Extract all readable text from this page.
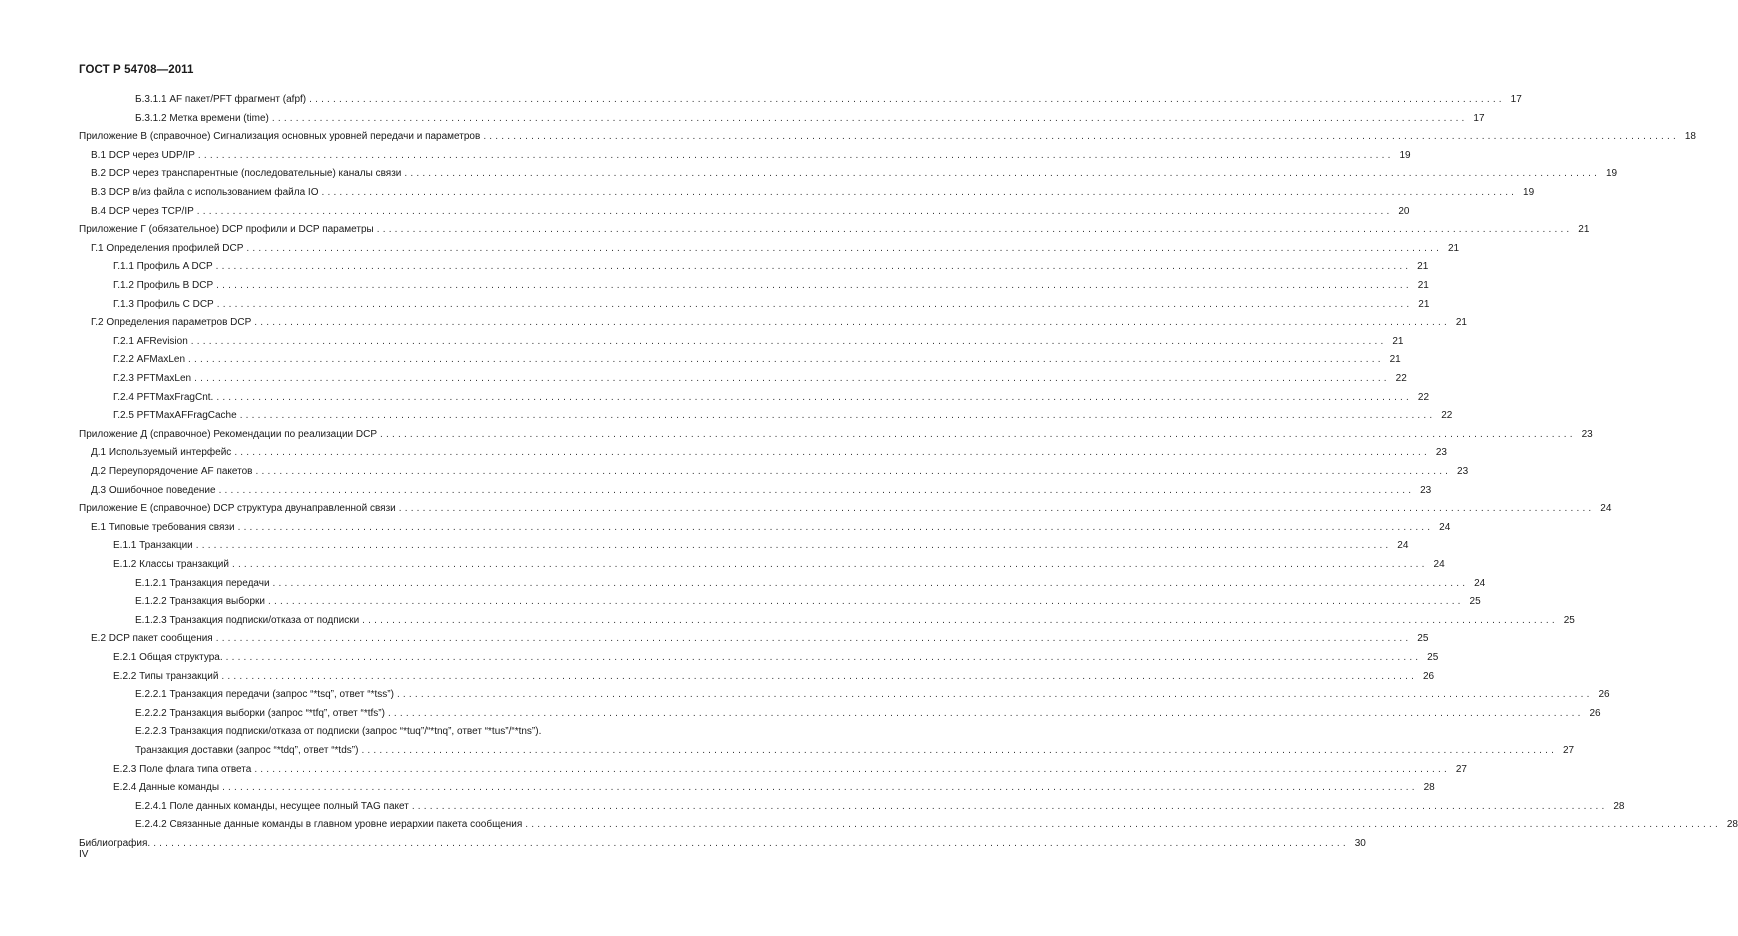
ГОСТ Р 54708—2011
Б.3.1.1 AF пакет/PFT фрагмент (afpf) ........................................................................................................................................................................................................ 17
Б.3.1.2 Метка времени (time) ........................................................................................................................................................................................................ 17
Приложение В (справочное) Сигнализация основных уровней передачи и параметров ........................................................................................................................................................................................................ 18
В.1 DCP через UDP/IP ........................................................................................................................................................................................................ 19
В.2 DCP через транспарентные (последовательные) каналы связи ........................................................................................................................................................................................................ 19
В.3 DCP в/из файла с использованием файла IO ........................................................................................................................................................................................................ 19
В.4 DCP через TCP/IP ........................................................................................................................................................................................................ 20
Приложение Г (обязательное) DCP профили и DCP параметры ........................................................................................................................................................................................................ 21
Г.1 Определения профилей DCP ........................................................................................................................................................................................................ 21
Г.1.1 Профиль A DCP ........................................................................................................................................................................................................ 21
Г.1.2 Профиль B DCP ........................................................................................................................................................................................................ 21
Г.1.3 Профиль C DCP ........................................................................................................................................................................................................ 21
Г.2 Определения параметров DCP ........................................................................................................................................................................................................ 21
Г.2.1 AFRevision ........................................................................................................................................................................................................ 21
Г.2.2 AFMaxLen ........................................................................................................................................................................................................ 21
Г.2.3 PFTMaxLen ........................................................................................................................................................................................................ 22
Г.2.4 PFTMaxFragCnt. ........................................................................................................................................................................................................ 22
Г.2.5 PFTMaxAFFragCache ........................................................................................................................................................................................................ 22
Приложение Д (справочное) Рекомендации по реализации DCP ........................................................................................................................................................................................................ 23
Д.1 Используемый интерфейс ........................................................................................................................................................................................................ 23
Д.2 Переупорядочение AF пакетов ........................................................................................................................................................................................................ 23
Д.3 Ошибочное поведение ........................................................................................................................................................................................................ 23
Приложение Е (справочное) DCP структура двунаправленной связи ........................................................................................................................................................................................................ 24
Е.1 Типовые требования связи ........................................................................................................................................................................................................ 24
Е.1.1 Транзакции ........................................................................................................................................................................................................ 24
Е.1.2 Классы транзакций ........................................................................................................................................................................................................ 24
Е.1.2.1 Транзакция передачи ........................................................................................................................................................................................................ 24
Е.1.2.2 Транзакция выборки ........................................................................................................................................................................................................ 25
Е.1.2.3 Транзакция подписки/отказа от подписки ........................................................................................................................................................................................................ 25
Е.2 DCP пакет сообщения ........................................................................................................................................................................................................ 25
Е.2.1 Общая структура. ........................................................................................................................................................................................................ 25
Е.2.2 Типы транзакций ........................................................................................................................................................................................................ 26
Е.2.2.1 Транзакция передачи (запрос “*tsq”, ответ “*tss”) ........................................................................................................................................................................................................ 26
Е.2.2.2 Транзакция выборки (запрос “*tfq”, ответ “*tfs”) ........................................................................................................................................................................................................ 26
Е.2.2.3 Транзакция подписки/отказа от подписки (запрос “*tuq”/“*tnq”, ответ “*tus”/“*tns”).
Транзакция доставки (запрос “*tdq”, ответ “*tds”) ........................................................................................................................................................................................................ 27
Е.2.3 Поле флага типа ответа ........................................................................................................................................................................................................ 27
Е.2.4 Данные команды ........................................................................................................................................................................................................ 28
Е.2.4.1 Поле данных команды, несущее полный TAG пакет ........................................................................................................................................................................................................ 28
Е.2.4.2 Связанные данные команды в главном уровне иерархии пакета сообщения ........................................................................................................................................................................................................ 28
Библиография. ........................................................................................................................................................................................................ 30
IV
